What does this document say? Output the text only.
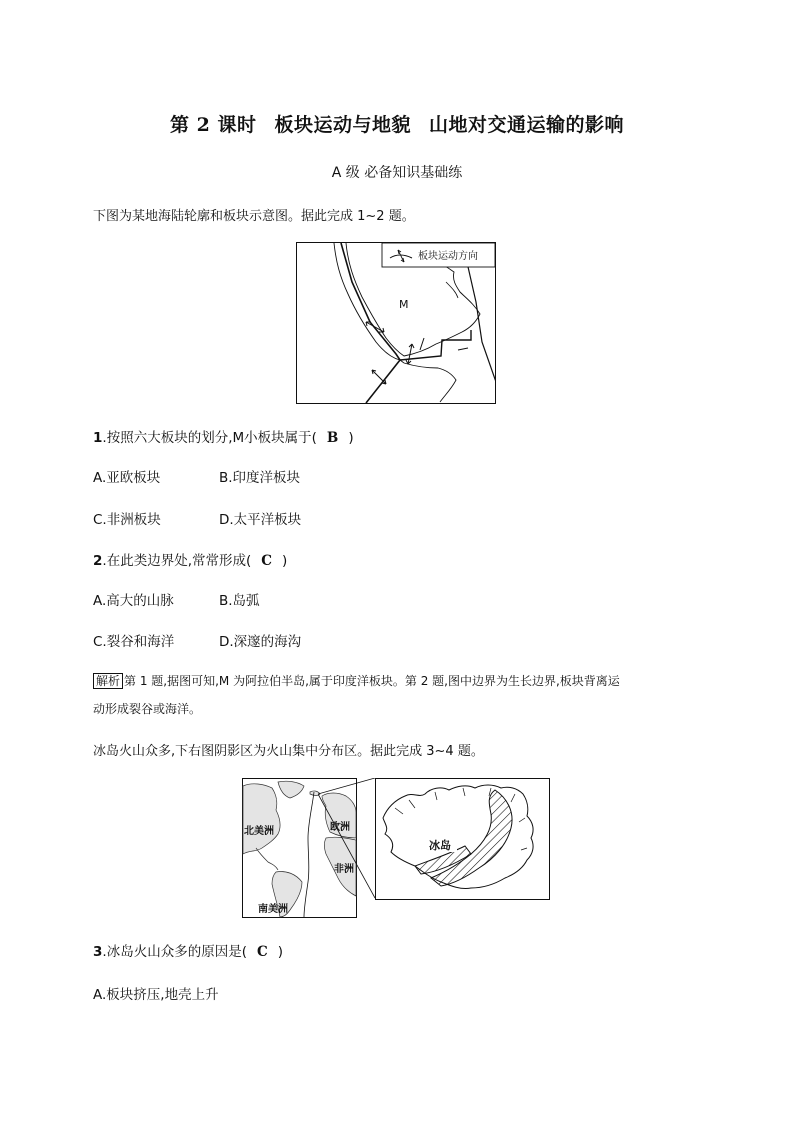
第 2 课时 板块运动与地貌 山地对交通运输的影响
A 级 必备知识基础练
下图为某地海陆轮廓和板块示意图。据此完成 1~2 题。
板块运动方向
M
1.按照六大板块的划分,M小板块属于( B )
A.亚欧板块	B.印度洋板块
C.非洲板块	D.太平洋板块
2.在此类边界处,常常形成( C )
A.高大的山脉	B.岛弧
C.裂谷和海洋	D.深邃的海沟
解析 第 1 题,据图可知,M 为阿拉伯半岛,属于印度洋板块。第 2 题,图中边界为生长边界,板块背离运
动形成裂谷或海洋。
冰岛火山众多,下右图阴影区为火山集中分布区。据此完成 3~4 题。
北美洲	欧洲
非洲
南美洲
冰岛
3.冰岛火山众多的原因是( C )
A.板块挤压,地壳上升
